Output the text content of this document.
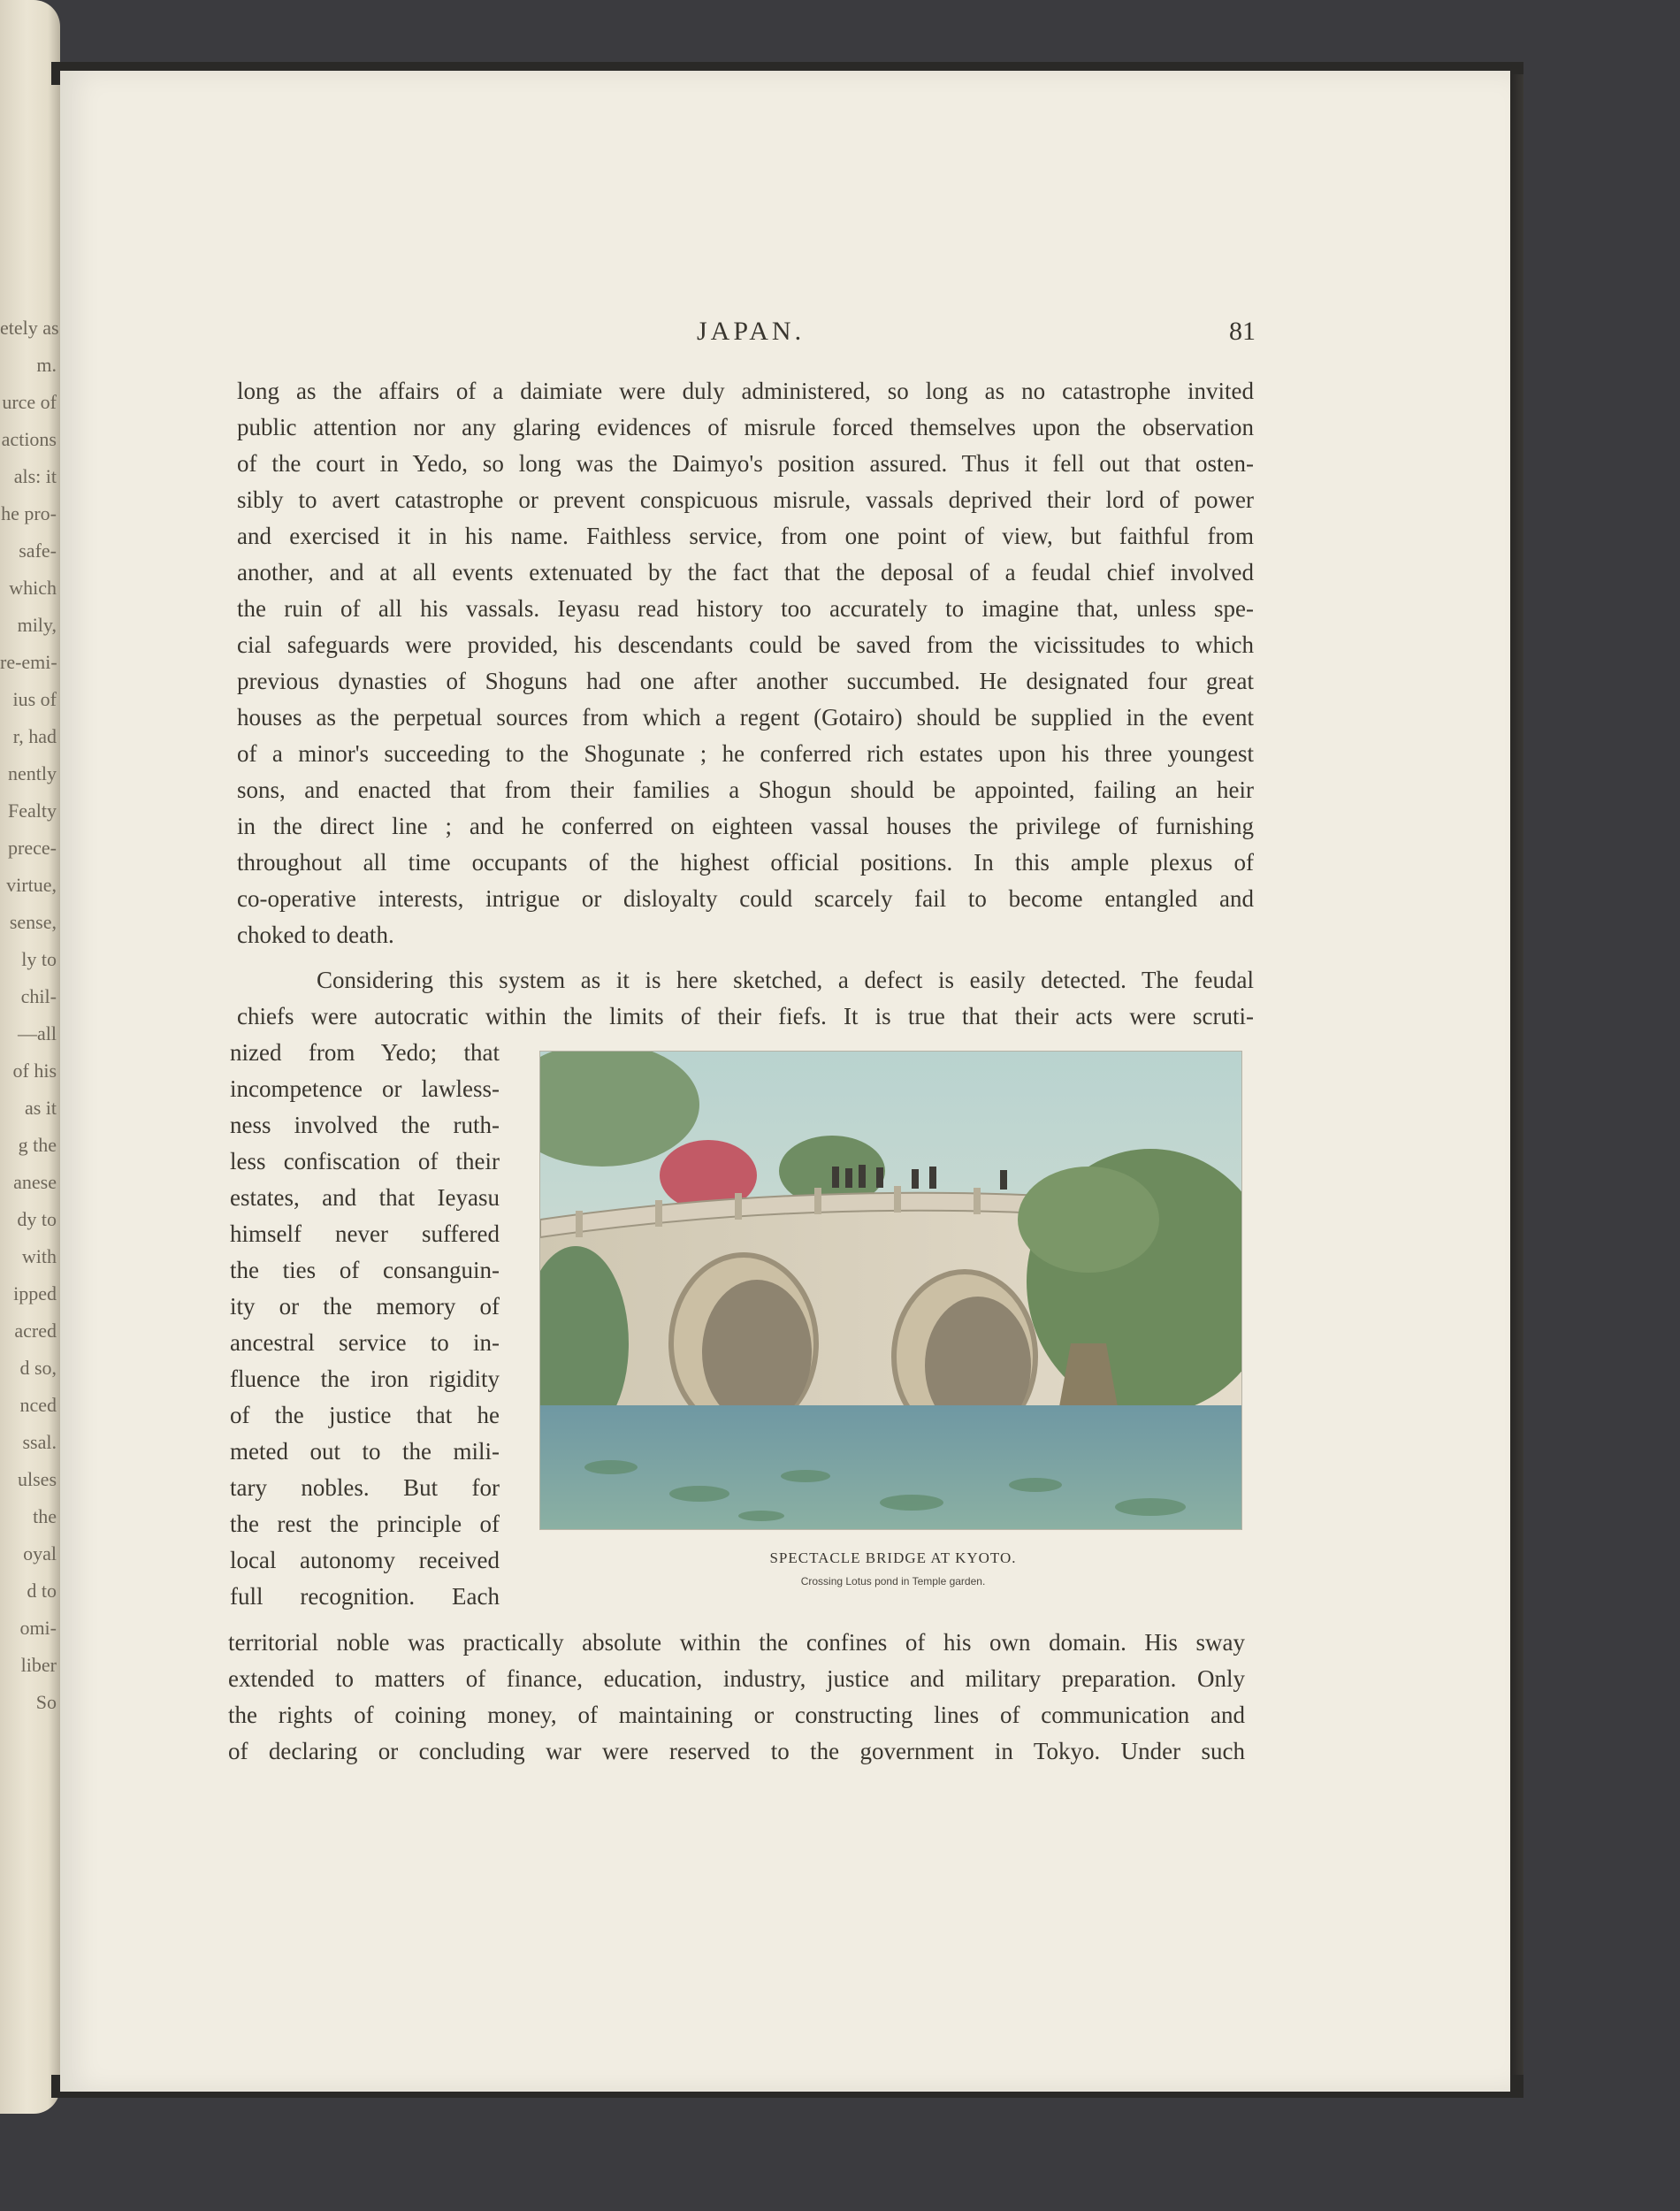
etely as
m.
urce of
actions
als: it
he pro-
safe-
which
mily,
re-emi-
ius of
r, had
nently
Fealty
prece-
virtue,
sense,
ly to
chil-
—all
of his
as it
g the
anese
dy to
with
ipped
acred
d so,
nced
ssal.
ulses
the
oyal
d to
omi-
liber
So
JAPAN.	81
long as the affairs of a daimiate were duly administered, so long as no catastrophe invited
public attention nor any glaring evidences of misrule forced themselves upon the observation
of the court in Yedo, so long was the Daimyo's position assured. Thus it fell out that osten-
sibly to avert catastrophe or prevent conspicuous misrule, vassals deprived their lord of power
and exercised it in his name. Faithless service, from one point of view, but faithful from
another, and at all events extenuated by the fact that the deposal of a feudal chief involved
the ruin of all his vassals. Ieyasu read history too accurately to imagine that, unless spe-
cial safeguards were provided, his descendants could be saved from the vicissitudes to which
previous dynasties of Shoguns had one after another succumbed. He designated four great
houses as the perpetual sources from which a regent (Gotairo) should be supplied in the event
of a minor's succeeding to the Shogunate ; he conferred rich estates upon his three youngest
sons, and enacted that from their families a Shogun should be appointed, failing an heir
in the direct line ; and he conferred on eighteen vassal houses the privilege of furnishing
throughout all time occupants of the highest official positions. In this ample plexus of
co-operative interests, intrigue or disloyalty could scarcely fail to become entangled and
choked to death.
Considering this system as it is here sketched, a defect is easily detected. The feudal
chiefs were autocratic within the limits of their fiefs. It is true that their acts were scruti-
nized from Yedo; that
incompetence or lawless-
ness involved the ruth-
less confiscation of their
estates, and that Ieyasu
himself never suffered
the ties of consanguin-
ity or the memory of
ancestral service to in-
fluence the iron rigidity
of the justice that he
meted out to the mili-
tary nobles. But for
the rest the principle of
local autonomy received
full recognition. Each
SPECTACLE BRIDGE AT KYOTO.
Crossing Lotus pond in Temple garden.
territorial noble was practically absolute within the confines of his own domain. His sway
extended to matters of finance, education, industry, justice and military preparation. Only
the rights of coining money, of maintaining or constructing lines of communication and
of declaring or concluding war were reserved to the government in Tokyo. Under such
